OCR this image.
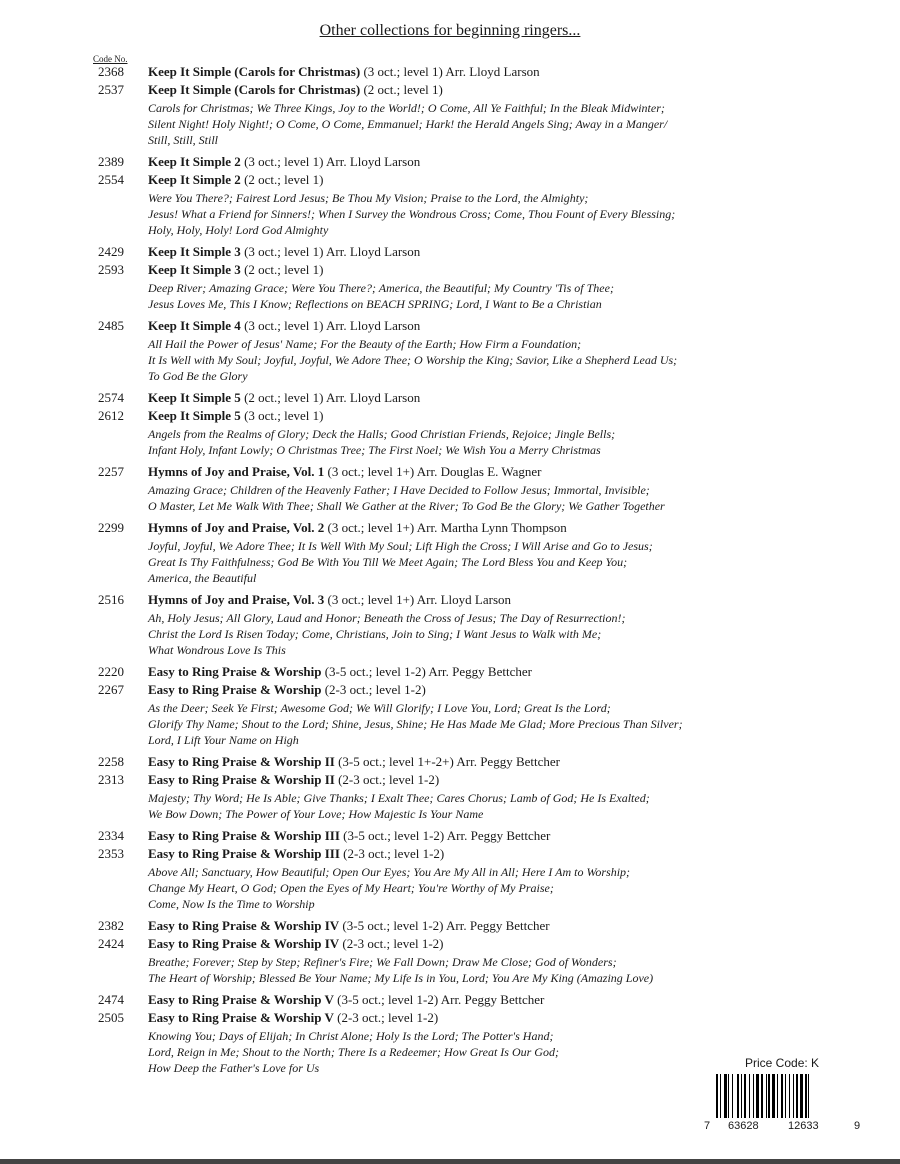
Other collections for beginning ringers...
Code No.
2368	Keep It Simple (Carols for Christmas) (3 oct.; level 1) Arr. Lloyd Larson
2537	Keep It Simple (Carols for Christmas) (2 oct.; level 1)
Carols for Christmas; We Three Kings, Joy to the World!; O Come, All Ye Faithful; In the Bleak Midwinter;
Silent Night! Holy Night!; O Come, O Come, Emmanuel; Hark! the Herald Angels Sing; Away in a Manger/
Still, Still, Still
2389	Keep It Simple 2 (3 oct.; level 1) Arr. Lloyd Larson
2554	Keep It Simple 2 (2 oct.; level 1)
Were You There?; Fairest Lord Jesus; Be Thou My Vision; Praise to the Lord, the Almighty;
Jesus! What a Friend for Sinners!; When I Survey the Wondrous Cross; Come, Thou Fount of Every Blessing;
Holy, Holy, Holy! Lord God Almighty
2429	Keep It Simple 3 (3 oct.; level 1) Arr. Lloyd Larson
2593	Keep It Simple 3 (2 oct.; level 1)
Deep River; Amazing Grace; Were You There?; America, the Beautiful; My Country 'Tis of Thee;
Jesus Loves Me, This I Know; Reflections on BEACH SPRING; Lord, I Want to Be a Christian
2485	Keep It Simple 4 (3 oct.; level 1) Arr. Lloyd Larson
All Hail the Power of Jesus' Name; For the Beauty of the Earth; How Firm a Foundation;
It Is Well with My Soul; Joyful, Joyful, We Adore Thee; O Worship the King; Savior, Like a Shepherd Lead Us;
To God Be the Glory
2574	Keep It Simple 5 (2 oct.; level 1) Arr. Lloyd Larson
2612	Keep It Simple 5 (3 oct.; level 1)
Angels from the Realms of Glory; Deck the Halls; Good Christian Friends, Rejoice; Jingle Bells;
Infant Holy, Infant Lowly; O Christmas Tree; The First Noel; We Wish You a Merry Christmas
2257	Hymns of Joy and Praise, Vol. 1 (3 oct.; level 1+) Arr. Douglas E. Wagner
Amazing Grace; Children of the Heavenly Father; I Have Decided to Follow Jesus; Immortal, Invisible;
O Master, Let Me Walk With Thee; Shall We Gather at the River; To God Be the Glory; We Gather Together
2299	Hymns of Joy and Praise, Vol. 2 (3 oct.; level 1+) Arr. Martha Lynn Thompson
Joyful, Joyful, We Adore Thee; It Is Well With My Soul; Lift High the Cross; I Will Arise and Go to Jesus;
Great Is Thy Faithfulness; God Be With You Till We Meet Again; The Lord Bless You and Keep You;
America, the Beautiful
2516	Hymns of Joy and Praise, Vol. 3 (3 oct.; level 1+) Arr. Lloyd Larson
Ah, Holy Jesus; All Glory, Laud and Honor; Beneath the Cross of Jesus; The Day of Resurrection!;
Christ the Lord Is Risen Today; Come, Christians, Join to Sing; I Want Jesus to Walk with Me;
What Wondrous Love Is This
2220	Easy to Ring Praise & Worship (3-5 oct.; level 1-2) Arr. Peggy Bettcher
2267	Easy to Ring Praise & Worship (2-3 oct.; level 1-2)
As the Deer; Seek Ye First; Awesome God; We Will Glorify; I Love You, Lord; Great Is the Lord;
Glorify Thy Name; Shout to the Lord; Shine, Jesus, Shine; He Has Made Me Glad; More Precious Than Silver;
Lord, I Lift Your Name on High
2258	Easy to Ring Praise & Worship II (3-5 oct.; level 1+-2+) Arr. Peggy Bettcher
2313	Easy to Ring Praise & Worship II (2-3 oct.; level 1-2)
Majesty; Thy Word; He Is Able; Give Thanks; I Exalt Thee; Cares Chorus; Lamb of God; He Is Exalted;
We Bow Down; The Power of Your Love; How Majestic Is Your Name
2334	Easy to Ring Praise & Worship III (3-5 oct.; level 1-2) Arr. Peggy Bettcher
2353	Easy to Ring Praise & Worship III (2-3 oct.; level 1-2)
Above All; Sanctuary, How Beautiful; Open Our Eyes; You Are My All in All; Here I Am to Worship;
Change My Heart, O God; Open the Eyes of My Heart; You're Worthy of My Praise;
Come, Now Is the Time to Worship
2382	Easy to Ring Praise & Worship IV (3-5 oct.; level 1-2) Arr. Peggy Bettcher
2424	Easy to Ring Praise & Worship IV (2-3 oct.; level 1-2)
Breathe; Forever; Step by Step; Refiner's Fire; We Fall Down; Draw Me Close; God of Wonders;
The Heart of Worship; Blessed Be Your Name; My Life Is in You, Lord; You Are My King (Amazing Love)
2474	Easy to Ring Praise & Worship V (3-5 oct.; level 1-2) Arr. Peggy Bettcher
2505	Easy to Ring Praise & Worship V (2-3 oct.; level 1-2)
Knowing You; Days of Elijah; In Christ Alone; Holy Is the Lord; The Potter's Hand;
Lord, Reign in Me; Shout to the North; There Is a Redeemer; How Great Is Our God;
How Deep the Father's Love for Us	Price Code: K
7 63628	12633	9
